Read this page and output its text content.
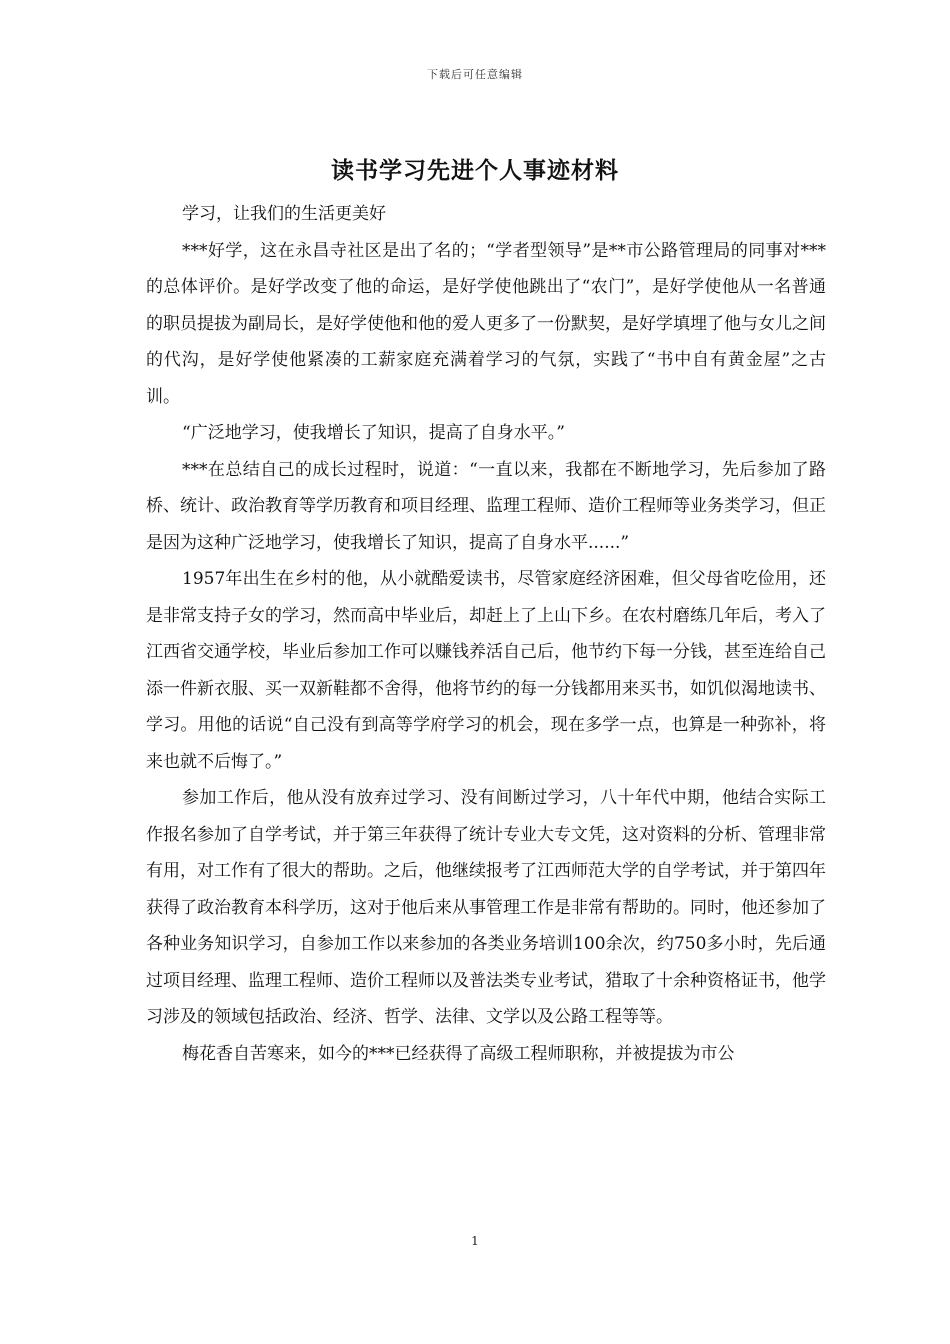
下载后可任意编辑
读书学习先进个人事迹材料

学习，让我们的生活更美好

***好学，这在永昌寺社区是出了名的；“学者型领导”是**市公路管理局的同事对***的总体评价。是好学改变了他的命运，是好学使他跳出了“农门”，是好学使他从一名普通的职员提拔为副局长，是好学使他和他的爱人更多了一份默契，是好学填埋了他与女儿之间的代沟，是好学使他紧凑的工薪家庭充满着学习的气氛，实践了“书中自有黄金屋”之古训。

“广泛地学习，使我增长了知识，提高了自身水平。”

***在总结自己的成长过程时，说道：“一直以来，我都在不断地学习，先后参加了路桥、统计、政治教育等学历教育和项目经理、监理工程师、造价工程师等业务类学习，但正是因为这种广泛地学习，使我增长了知识，提高了自身水平......”

1957年出生在乡村的他，从小就酷爱读书，尽管家庭经济困难，但父母省吃俭用，还是非常支持子女的学习，然而高中毕业后，却赶上了上山下乡。在农村磨练几年后，考入了江西省交通学校，毕业后参加工作可以赚钱养活自己后，他节约下每一分钱，甚至连给自己添一件新衣服、买一双新鞋都不舍得，他将节约的每一分钱都用来买书，如饥似渴地读书、学习。用他的话说“自己没有到高等学府学习的机会，现在多学一点，也算是一种弥补，将来也就不后悔了。”

参加工作后，他从没有放弃过学习、没有间断过学习，八十年代中期，他结合实际工作报名参加了自学考试，并于第三年获得了统计专业大专文凭，这对资料的分析、管理非常有用，对工作有了很大的帮助。之后，他继续报考了江西师范大学的自学考试，并于第四年获得了政治教育本科学历，这对于他后来从事管理工作是非常有帮助的。同时，他还参加了各种业务知识学习，自参加工作以来参加的各类业务培训100余次，约750多小时，先后通过项目经理、监理工程师、造价工程师以及普法类专业考试，猎取了十余种资格证书，他学习涉及的领域包括政治、经济、哲学、法律、文学以及公路工程等等。

梅花香自苦寒来，如今的***已经获得了高级工程师职称，并被提拔为市公

1
